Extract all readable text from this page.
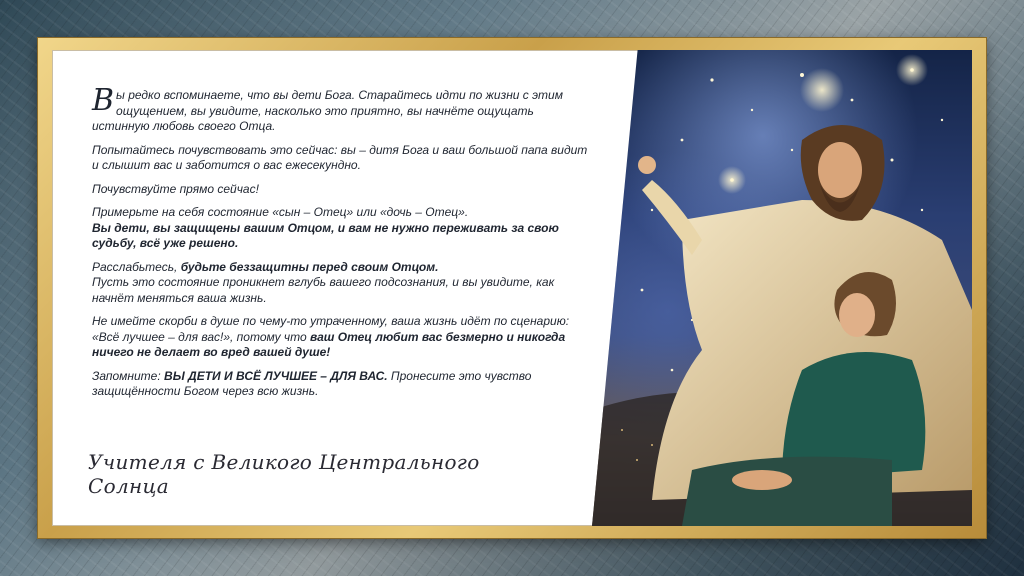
Вы редко вспоминаете, что вы дети Бога. Старайтесь идти по жизни с этим ощущением, вы увидите, насколько это приятно, вы начнёте ощущать истинную любовь своего Отца.

Попытайтесь почувствовать это сейчас: вы – дитя Бога и ваш большой папа видит и слышит вас и заботится о вас ежесекундно.

Почувствуйте прямо сейчас!

Примерьте на себя состояние «сын – Отец» или «дочь – Отец».
Вы дети, вы защищены вашим Отцом, и вам не нужно переживать за свою судьбу, всё уже решено.

Расслабьтесь, будьте беззащитны перед своим Отцом.
Пусть это состояние проникнет вглубь вашего подсознания, и вы увидите, как начнёт меняться ваша жизнь.

Не имейте скорби в душе по чему-то утраченному, ваша жизнь идёт по сценарию: «Всё лучшее – для вас!», потому что ваш Отец любит вас безмерно и никогда ничего не делает во вред вашей душе!

Запомните: ВЫ ДЕТИ И ВСЁ ЛУЧШЕЕ – ДЛЯ ВАС. Пронесите это чувство защищённости Богом через всю жизнь.

Учителя с Великого Центрального Солнца
